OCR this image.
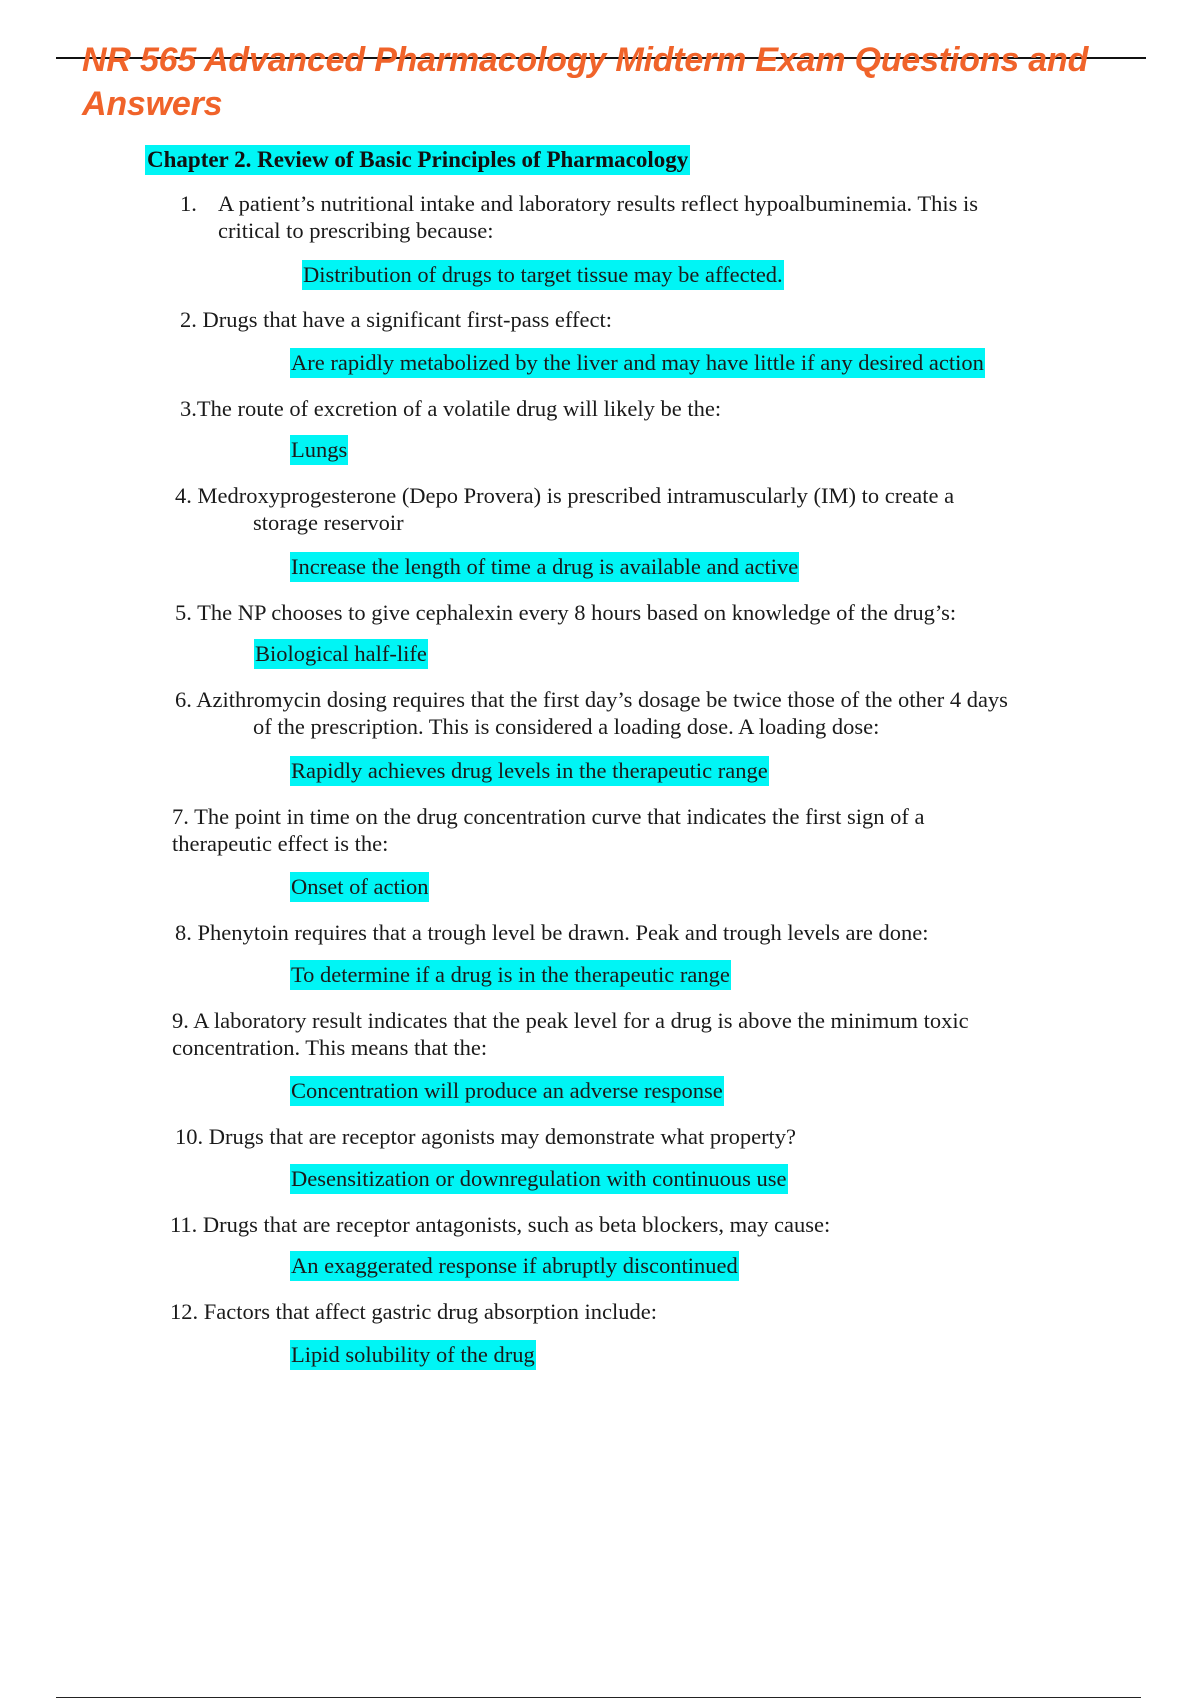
NR 565 Advanced Pharmacology Midterm Exam Questions and Answers
Chapter 2. Review of Basic Principles of Pharmacology
1. A patient’s nutritional intake and laboratory results reflect hypoalbuminemia. This is
critical to prescribing because:
Distribution of drugs to target tissue may be affected.
2. Drugs that have a significant first-pass effect:
Are rapidly metabolized by the liver and may have little if any desired action
3.The route of excretion of a volatile drug will likely be the:
Lungs
4. Medroxyprogesterone (Depo Provera) is prescribed intramuscularly (IM) to create a
storage reservoir
Increase the length of time a drug is available and active
5. The NP chooses to give cephalexin every 8 hours based on knowledge of the drug’s:
Biological half-life
6. Azithromycin dosing requires that the first day’s dosage be twice those of the other 4 days
of the prescription. This is considered a loading dose. A loading dose:
Rapidly achieves drug levels in the therapeutic range
7. The point in time on the drug concentration curve that indicates the first sign of a
therapeutic effect is the:
Onset of action
8. Phenytoin requires that a trough level be drawn. Peak and trough levels are done:
To determine if a drug is in the therapeutic range
9. A laboratory result indicates that the peak level for a drug is above the minimum toxic
concentration. This means that the:
Concentration will produce an adverse response
10. Drugs that are receptor agonists may demonstrate what property?
Desensitization or downregulation with continuous use
11. Drugs that are receptor antagonists, such as beta blockers, may cause:
An exaggerated response if abruptly discontinued
12. Factors that affect gastric drug absorption include:
Lipid solubility of the drug
